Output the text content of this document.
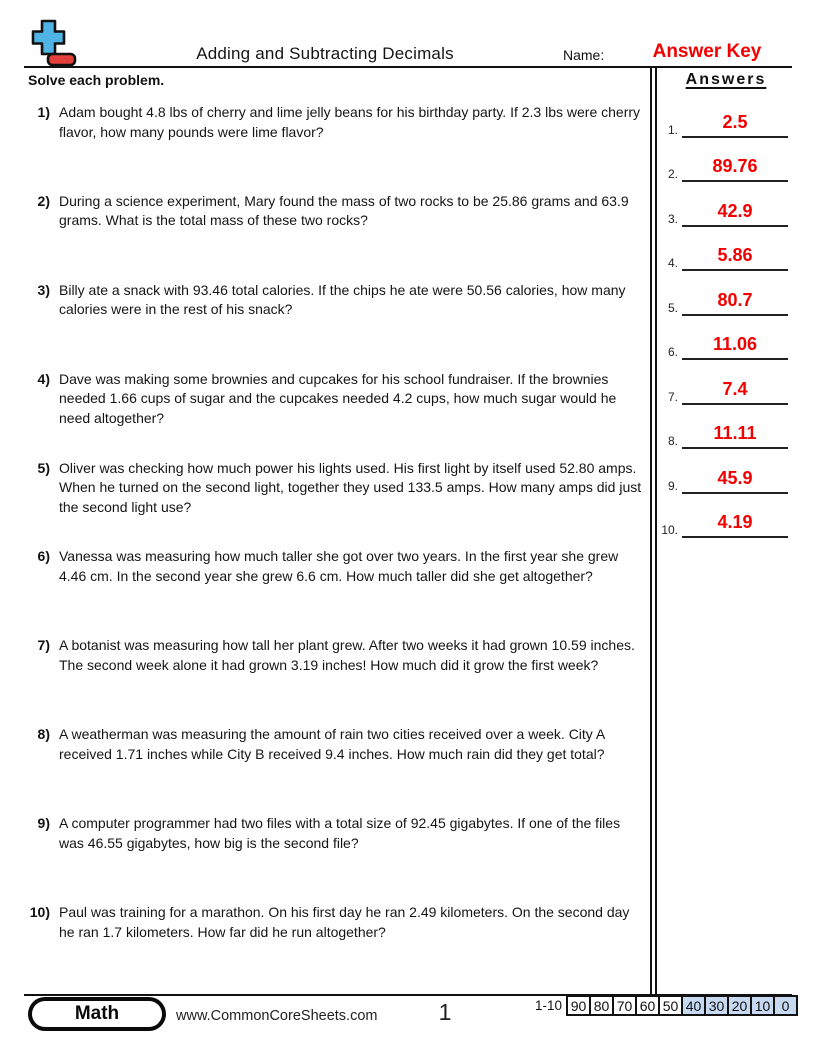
Adding and Subtracting Decimals	Name:	Answer Key
Solve each problem.
1) Adam bought 4.8 lbs of cherry and lime jelly beans for his birthday party. If 2.3 lbs were cherry flavor, how many pounds were lime flavor?
2) During a science experiment, Mary found the mass of two rocks to be 25.86 grams and 63.9 grams. What is the total mass of these two rocks?
3) Billy ate a snack with 93.46 total calories. If the chips he ate were 50.56 calories, how many calories were in the rest of his snack?
4) Dave was making some brownies and cupcakes for his school fundraiser. If the brownies needed 1.66 cups of sugar and the cupcakes needed 4.2 cups, how much sugar would he need altogether?
5) Oliver was checking how much power his lights used. His first light by itself used 52.80 amps. When he turned on the second light, together they used 133.5 amps. How many amps did just the second light use?
6) Vanessa was measuring how much taller she got over two years. In the first year she grew 4.46 cm. In the second year she grew 6.6 cm. How much taller did she get altogether?
7) A botanist was measuring how tall her plant grew. After two weeks it had grown 10.59 inches. The second week alone it had grown 3.19 inches! How much did it grow the first week?
8) A weatherman was measuring the amount of rain two cities received over a week. City A received 1.71 inches while City B received 9.4 inches. How much rain did they get total?
9) A computer programmer had two files with a total size of 92.45 gigabytes. If one of the files was 46.55 gigabytes, how big is the second file?
10) Paul was training for a marathon. On his first day he ran 2.49 kilometers. On the second day he ran 1.7 kilometers. How far did he run altogether?
Answers
1.	2.5
2.	89.76
3.	42.9
4.	5.86
5.	80.7
6.	11.06
7.	7.4
8.	11.11
9.	45.9
10.	4.19
Math	www.CommonCoreSheets.com	1	1-10 90 80 70 60 50 40 30 20 10 0
